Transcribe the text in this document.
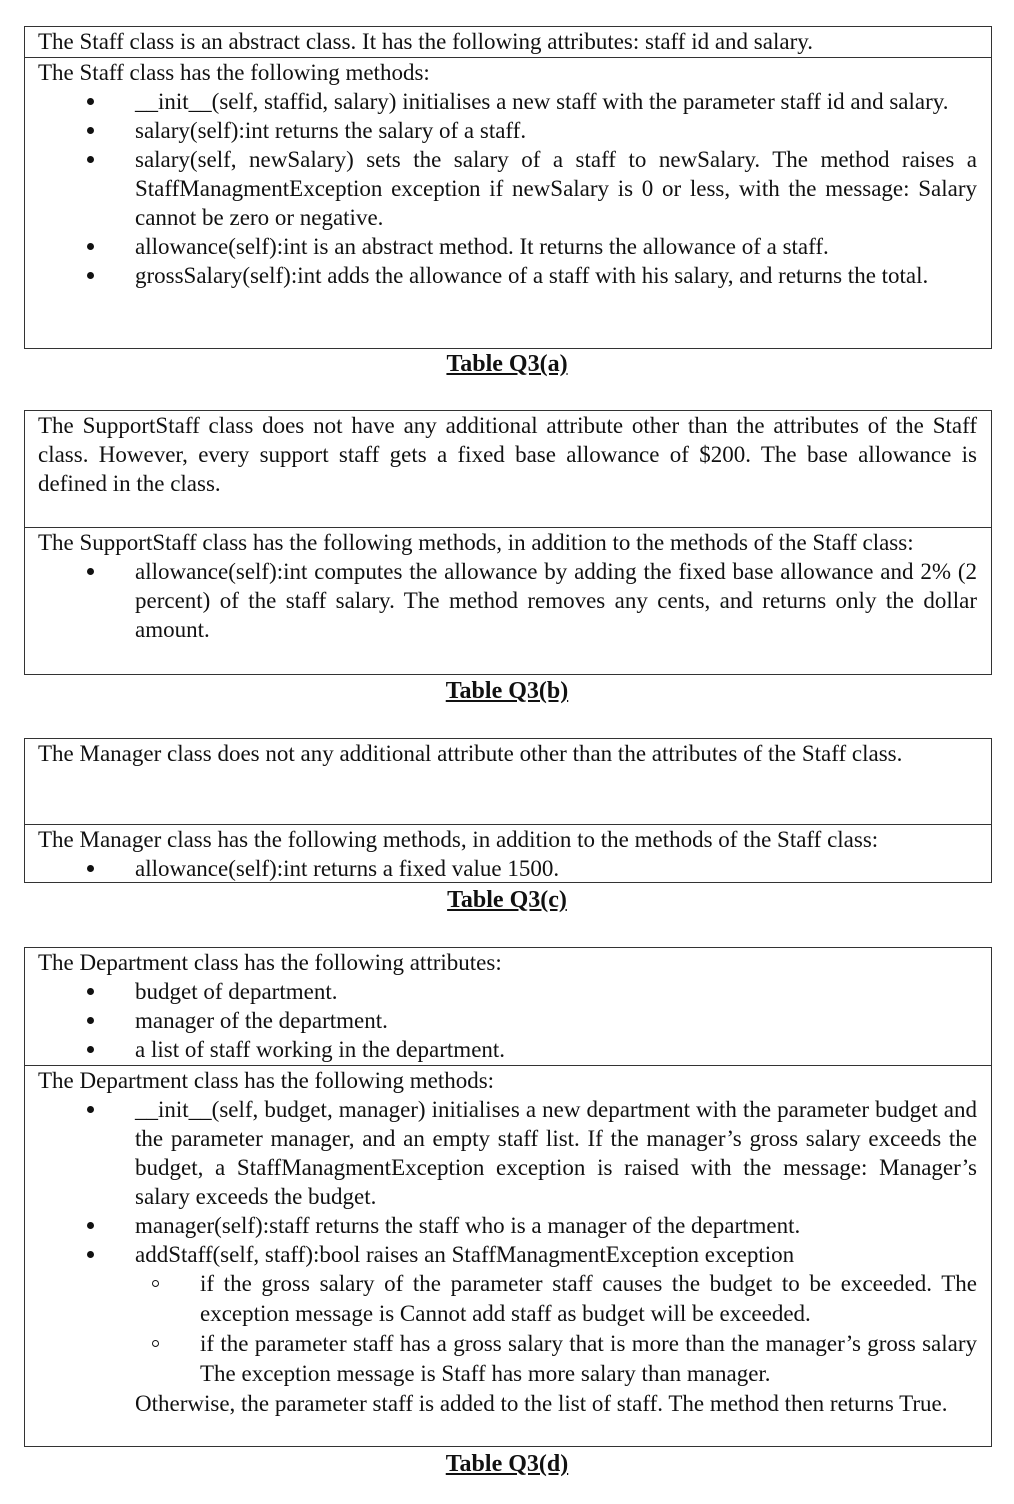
The Staff class is an abstract class. It has the following attributes: staff id and salary.
The Staff class has the following methods:
__init__(self, staffid, salary) initialises a new staff with the parameter staff id and salary.
salary(self):int returns the salary of a staff.
salary(self, newSalary) sets the salary of a staff to newSalary. The method raises a StaffManagmentException exception if newSalary is 0 or less, with the message: Salary cannot be zero or negative.
allowance(self):int is an abstract method. It returns the allowance of a staff.
grossSalary(self):int adds the allowance of a staff with his salary, and returns the total.
Table Q3(a)
The SupportStaff class does not have any additional attribute other than the attributes of the Staff class. However, every support staff gets a fixed base allowance of $200. The base allowance is defined in the class.
The SupportStaff class has the following methods, in addition to the methods of the Staff class:
allowance(self):int computes the allowance by adding the fixed base allowance and 2% (2 percent) of the staff salary. The method removes any cents, and returns only the dollar amount.
Table Q3(b)
The Manager class does not any additional attribute other than the attributes of the Staff class.
The Manager class has the following methods, in addition to the methods of the Staff class:
allowance(self):int returns a fixed value 1500.
Table Q3(c)
The Department class has the following attributes:
budget of department.
manager of the department.
a list of staff working in the department.
The Department class has the following methods:
__init__(self, budget, manager) initialises a new department with the parameter budget and the parameter manager, and an empty staff list. If the manager’s gross salary exceeds the budget, a StaffManagmentException exception is raised with the message: Manager’s salary exceeds the budget.
manager(self):staff returns the staff who is a manager of the department.
addStaff(self, staff):bool raises an StaffManagmentException exception
if the gross salary of the parameter staff causes the budget to be exceeded. The exception message is Cannot add staff as budget will be exceeded.
if the parameter staff has a gross salary that is more than the manager’s gross salary The exception message is Staff has more salary than manager.
Otherwise, the parameter staff is added to the list of staff. The method then returns True.
Table Q3(d)
